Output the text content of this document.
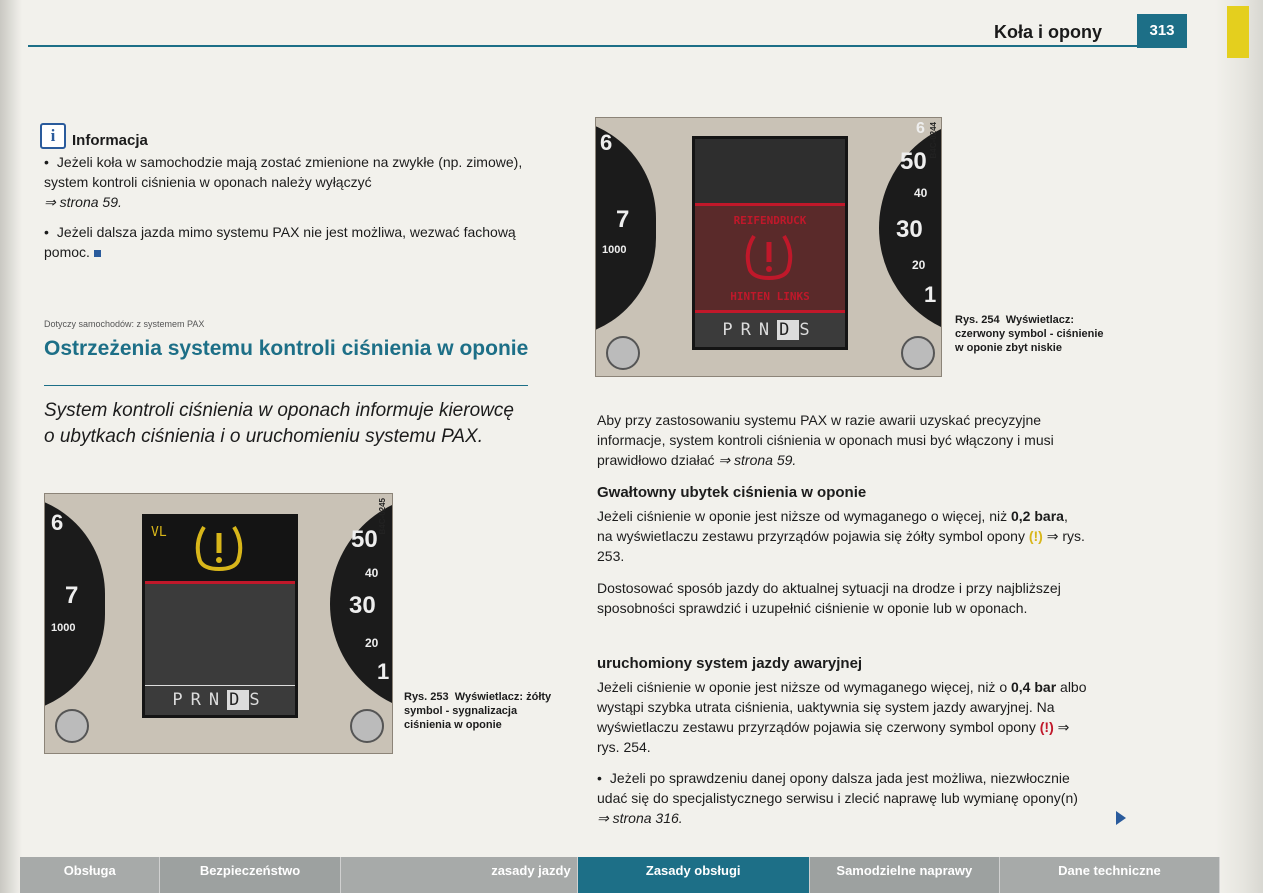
Koła i opony	313
i	Informacja
• Jeżeli koła w samochodzie mają zostać zmienione na zwykłe (np. zimowe), system kontroli ciśnienia w oponach należy wyłączyć
⇒ strona 59.
• Jeżeli dalsza jazda mimo systemu PAX nie jest możliwa, wezwać fachową pomoc.
Dotyczy samochodów: z systemem PAX
Ostrzeżenia systemu kontroli ciśnienia w oponie
System kontroli ciśnienia w oponach informuje kierowcę o ubytkach ciśnienia i o uruchomieniu systemu PAX.
6
7
1000
50
40
30
20
1
B4C-0245
VL
PRN D S	Rys. 253 Wyświetlacz: żółty symbol - sygnalizacja ciśnienia w oponie
6
7
1000
6
50
40
30
20
1
B4C-0244
REIFENDRUCK
HINTEN LINKS
PRN D S	Rys. 254 Wyświetlacz: czerwony symbol - ciśnienie w oponie zbyt niskie
Aby przy zastosowaniu systemu PAX w razie awarii uzyskać precyzyjne informacje, system kontroli ciśnienia w oponach musi być włączony i musi prawidłowo działać ⇒ strona 59.
Gwałtowny ubytek ciśnienia w oponie
Jeżeli ciśnienie w oponie jest niższe od wymaganego o więcej, niż 0,2 bara, na wyświetlaczu zestawu przyrządów pojawia się żółty symbol opony (!) ⇒ rys. 253.
Dostosować sposób jazdy do aktualnej sytuacji na drodze i przy najbliższej sposobności sprawdzić i uzupełnić ciśnienie w oponie lub w oponach.
uruchomiony system jazdy awaryjnej
Jeżeli ciśnienie w oponie jest niższe od wymaganego więcej, niż o 0,4 bar albo wystąpi szybka utrata ciśnienia, uaktywnia się system jazdy awaryjnej. Na wyświetlaczu zestawu przyrządów pojawia się czerwony symbol opony (!) ⇒ rys. 254.
• Jeżeli po sprawdzeniu danej opony dalsza jada jest możliwa, niezwłocznie udać się do specjalistycznego serwisu i zlecić naprawę lub wymianę opony(n) ⇒ strona 316.
Obsługa	Bezpieczeństwo	zasady jazdy	Zasady obsługi	Samodzielne naprawy	Dane techniczne
